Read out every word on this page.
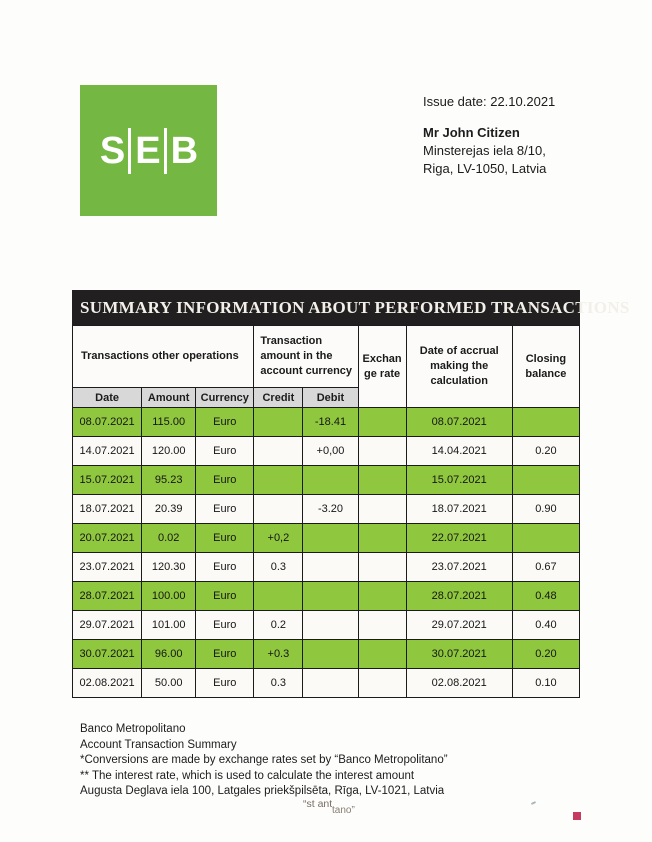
S E B
Issue date: 22.10.2021
Mr John Citizen
Minsterejas iela 8/10,
Riga, LV-1050, Latvia
SUMMARY INFORMATION ABOUT PERFORMED TRANSACTIONS
Transactions other operations			Transaction amount in the account currency		Exchan ge rate	Date of accrual making the calculation	Closing balance
Date	Amount	Currency	Credit	Debit			
08.07.2021	115.00	Euro		-18.41		08.07.2021	
14.07.2021	120.00	Euro		+0,00		14.04.2021	0.20
15.07.2021	95.23	Euro				15.07.2021	
18.07.2021	20.39	Euro		-3.20		18.07.2021	0.90
20.07.2021	0.02	Euro	+0,2			22.07.2021	
23.07.2021	120.30	Euro	0.3			23.07.2021	0.67
28.07.2021	100.00	Euro				28.07.2021	0.48
29.07.2021	101.00	Euro	0.2			29.07.2021	0.40
30.07.2021	96.00	Euro	+0.3			30.07.2021	0.20
02.08.2021	50.00	Euro	0.3			02.08.2021	0.10
Banco Metropolitano
Account Transaction Summary
*Conversions are made by exchange rates set by “Banco Metropolitano”
** The interest rate, which is used to calculate the interest amount
Augusta Deglava iela 100, Latgales priekšpilsēta, Rīga, LV-1021, Latvia
“st ant
tano”
